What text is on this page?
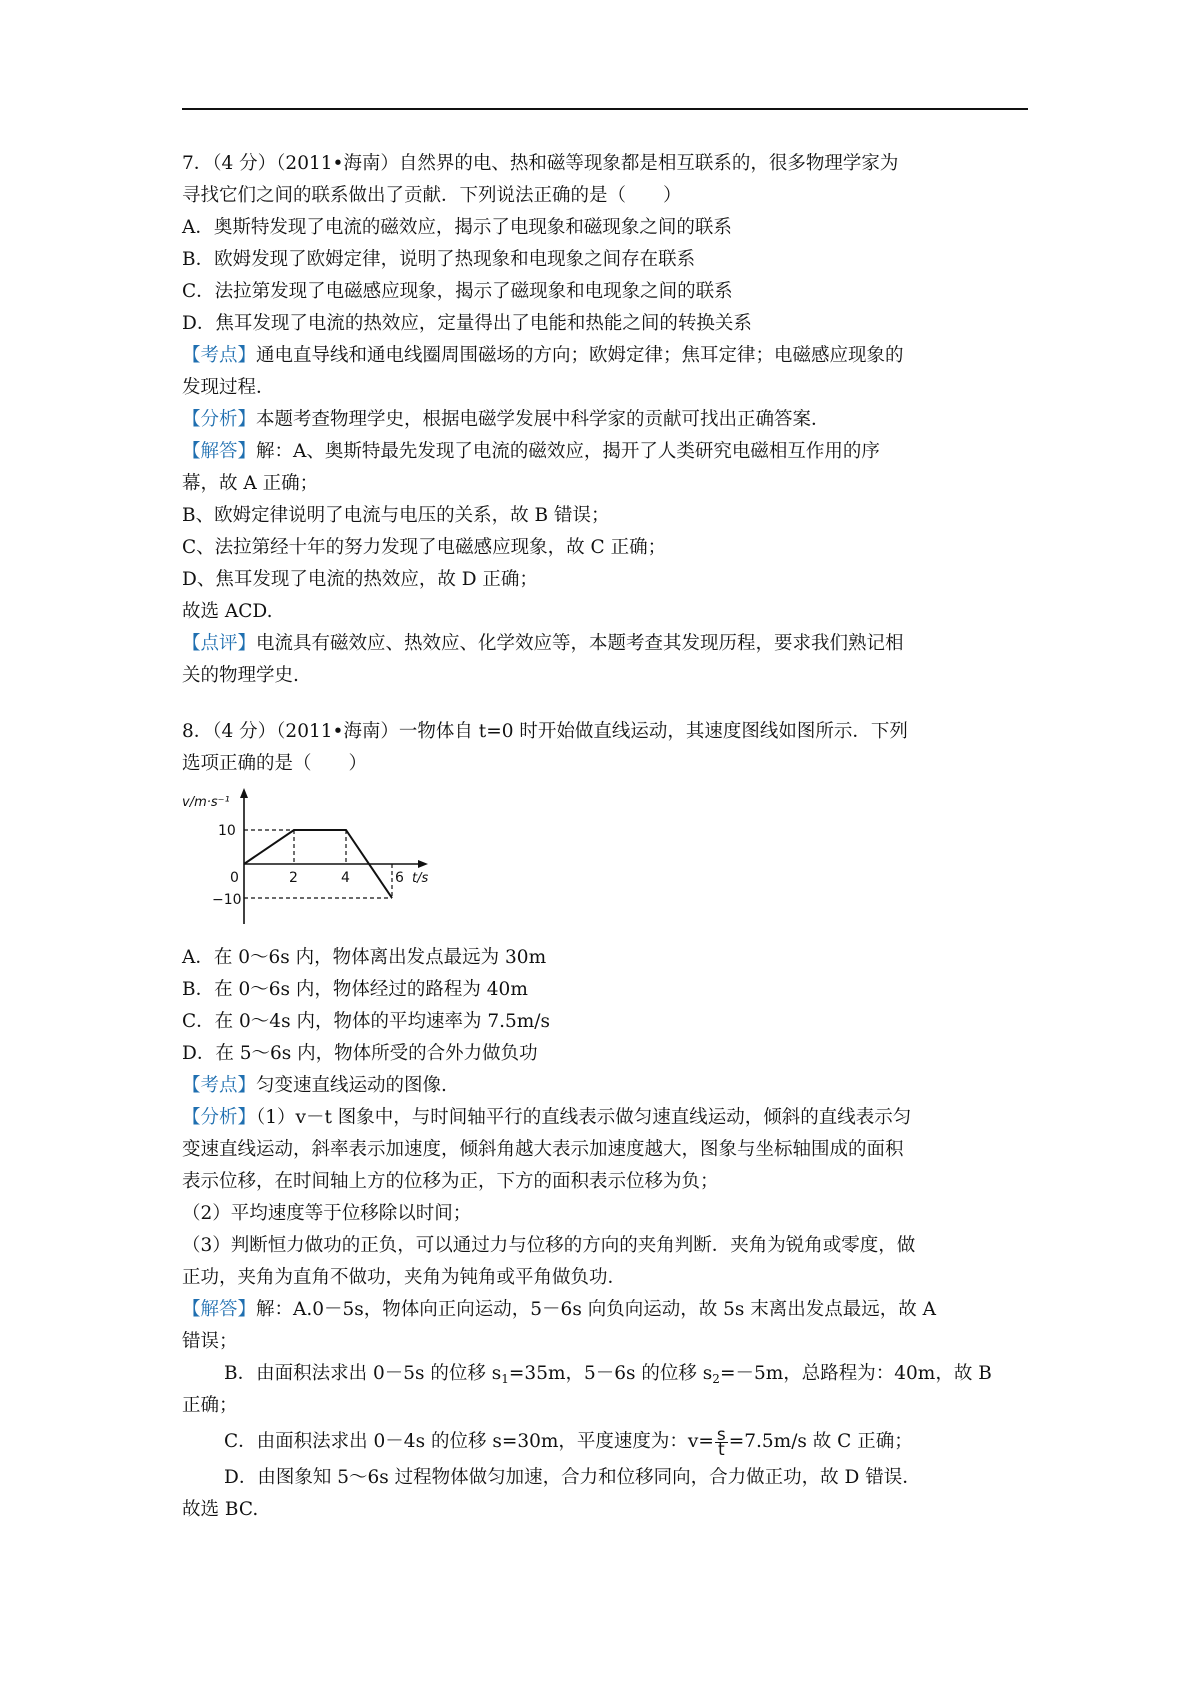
7．（4 分）（2011•海南）自然界的电、热和磁等现象都是相互联系的，很多物理学家为
寻找它们之间的联系做出了贡献．下列说法正确的是（　　）
A．奥斯特发现了电流的磁效应，揭示了电现象和磁现象之间的联系
B．欧姆发现了欧姆定律，说明了热现象和电现象之间存在联系
C．法拉第发现了电磁感应现象，揭示了磁现象和电现象之间的联系
D．焦耳发现了电流的热效应，定量得出了电能和热能之间的转换关系
【考点】通电直导线和通电线圈周围磁场的方向；欧姆定律；焦耳定律；电磁感应现象的
发现过程．
【分析】本题考查物理学史，根据电磁学发展中科学家的贡献可找出正确答案．
【解答】解：A、奥斯特最先发现了电流的磁效应，揭开了人类研究电磁相互作用的序
幕，故 A 正确；
B、欧姆定律说明了电流与电压的关系，故 B 错误；
C、法拉第经十年的努力发现了电磁感应现象，故 C 正确；
D、焦耳发现了电流的热效应，故 D 正确；
故选 ACD.
【点评】电流具有磁效应、热效应、化学效应等，本题考查其发现历程，要求我们熟记相
关的物理学史.
8．（4 分）（2011•海南）一物体自 t=0 时开始做直线运动，其速度图线如图所示．下列
选项正确的是（　　）
v/m·s⁻¹
10
0
−10
2	4	6 t/s
A．在 0～6s 内，物体离出发点最远为 30m
B．在 0～6s 内，物体经过的路程为 40m
C．在 0～4s 内，物体的平均速率为 7.5m/s
D．在 5～6s 内，物体所受的合外力做负功
【考点】匀变速直线运动的图像.
【分析】（1）v－t 图象中，与时间轴平行的直线表示做匀速直线运动，倾斜的直线表示匀
变速直线运动，斜率表示加速度，倾斜角越大表示加速度越大，图象与坐标轴围成的面积
表示位移，在时间轴上方的位移为正，下方的面积表示位移为负；
（2）平均速度等于位移除以时间；
（3）判断恒力做功的正负，可以通过力与位移的方向的夹角判断．夹角为锐角或零度，做
正功，夹角为直角不做功，夹角为钝角或平角做负功．
【解答】解：A.0－5s，物体向正向运动，5－6s 向负向运动，故 5s 末离出发点最远，故 A
错误；
B．由面积法求出 0－5s 的位移 $s_1=35m$，5－6s 的位移 $s_2=-5m$，总路程为：40m，故 B
正确；
C．由面积法求出 0－4s 的位移 s=30m，平度速度为：$v= \frac{s}{t} =7.5m/s$ 故 C 正确；
D．由图象知 5～6s 过程物体做匀加速，合力和位移同向，合力做正功，故 D 错误．
故选 BC.
